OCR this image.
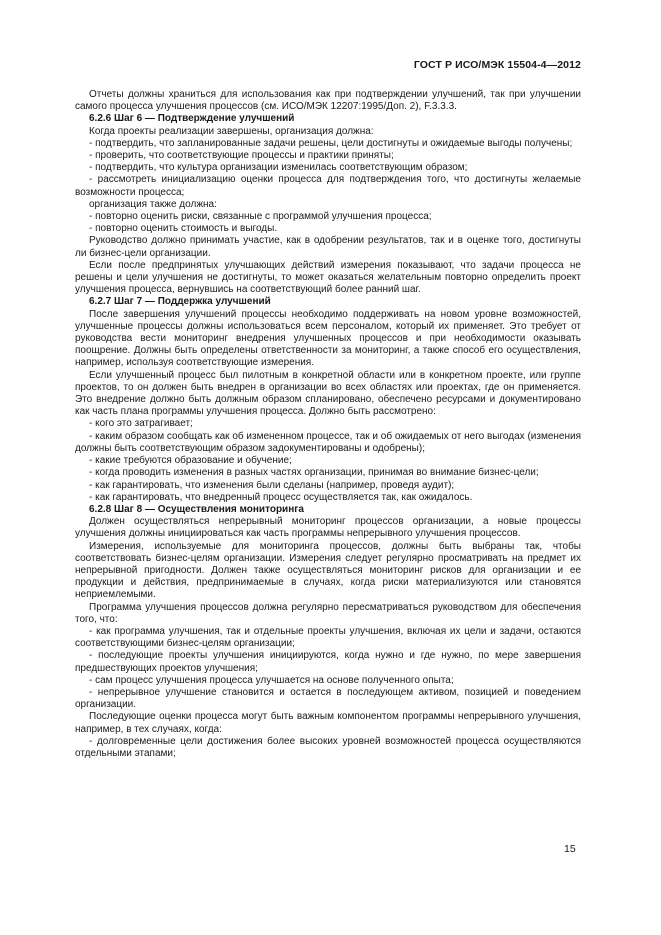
ГОСТ Р ИСО/МЭК 15504-4—2012

Отчеты должны храниться для использования как при подтверждении улучшений, так при улучшении самого процесса улучшения процессов (см. ИСО/МЭК 12207:1995/Доп. 2), F.3.3.3.

6.2.6 Шаг 6 — Подтверждение улучшений

Когда проекты реализации завершены, организация должна:

- подтвердить, что запланированные задачи решены, цели достигнуты и ожидаемые выгоды получены;

- проверить, что соответствующие процессы и практики приняты;

- подтвердить, что культура организации изменилась соответствующим образом;

- рассмотреть инициализацию оценки процесса для подтверждения того, что достигнуты желаемые возможности процесса;

организация также должна:

- повторно оценить риски, связанные с программой улучшения процесса;

- повторно оценить стоимость и выгоды.

Руководство должно принимать участие, как в одобрении результатов, так и в оценке того, достигнуты ли бизнес-цели организации.

Если после предпринятых улучшающих действий измерения показывают, что задачи процесса не решены и цели улучшения не достигнуты, то может оказаться желательным повторно определить проект улучшения процесса, вернувшись на соответствующий более ранний шаг.

6.2.7 Шаг 7 — Поддержка улучшений

После завершения улучшений процессы необходимо поддерживать на новом уровне возможностей, улучшенные процессы должны использоваться всем персоналом, который их применяет. Это требует от руководства вести мониторинг внедрения улучшенных процессов и при необходимости оказывать поощрение. Должны быть определены ответственности за мониторинг, а также способ его осуществления, например, используя соответствующие измерения.

Если улучшенный процесс был пилотным в конкретной области или в конкретном проекте, или группе проектов, то он должен быть внедрен в организации во всех областях или проектах, где он применяется. Это внедрение должно быть должным образом спланировано, обеспечено ресурсами и документировано как часть плана программы улучшения процесса. Должно быть рассмотрено:

- кого это затрагивает;

- каким образом сообщать как об измененном процессе, так и об ожидаемых от него выгодах (изменения должны быть соответствующим образом задокументированы и одобрены);

- какие требуются образование и обучение;

- когда проводить изменения в разных частях организации, принимая во внимание бизнес-цели;

- как гарантировать, что изменения были сделаны (например, проведя аудит);

- как гарантировать, что внедренный процесс осуществляется так, как ожидалось.

6.2.8 Шаг 8 — Осуществления мониторинга

Должен осуществляться непрерывный мониторинг процессов организации, а новые процессы улучшения должны инициироваться как часть программы непрерывного улучшения процессов.

Измерения, используемые для мониторинга процессов, должны быть выбраны так, чтобы соответствовать бизнес-целям организации. Измерения следует регулярно просматривать на предмет их непрерывной пригодности. Должен также осуществляться мониторинг рисков для организации и ее продукции и действия, предпринимаемые в случаях, когда риски материализуются или становятся неприемлемыми.

Программа улучшения процессов должна регулярно пересматриваться руководством для обеспечения того, что:

- как программа улучшения, так и отдельные проекты улучшения, включая их цели и задачи, остаются соответствующими бизнес-целям организации;

- последующие проекты улучшения инициируются, когда нужно и где нужно, по мере завершения предшествующих проектов улучшения;

- сам процесс улучшения процесса улучшается на основе полученного опыта;

- непрерывное улучшение становится и остается в последующем активом, позицией и поведением организации.

Последующие оценки процесса могут быть важным компонентом программы непрерывного улучшения, например, в тех случаях, когда:

- долговременные цели достижения более высоких уровней возможностей процесса осуществляются отдельными этапами;

15
